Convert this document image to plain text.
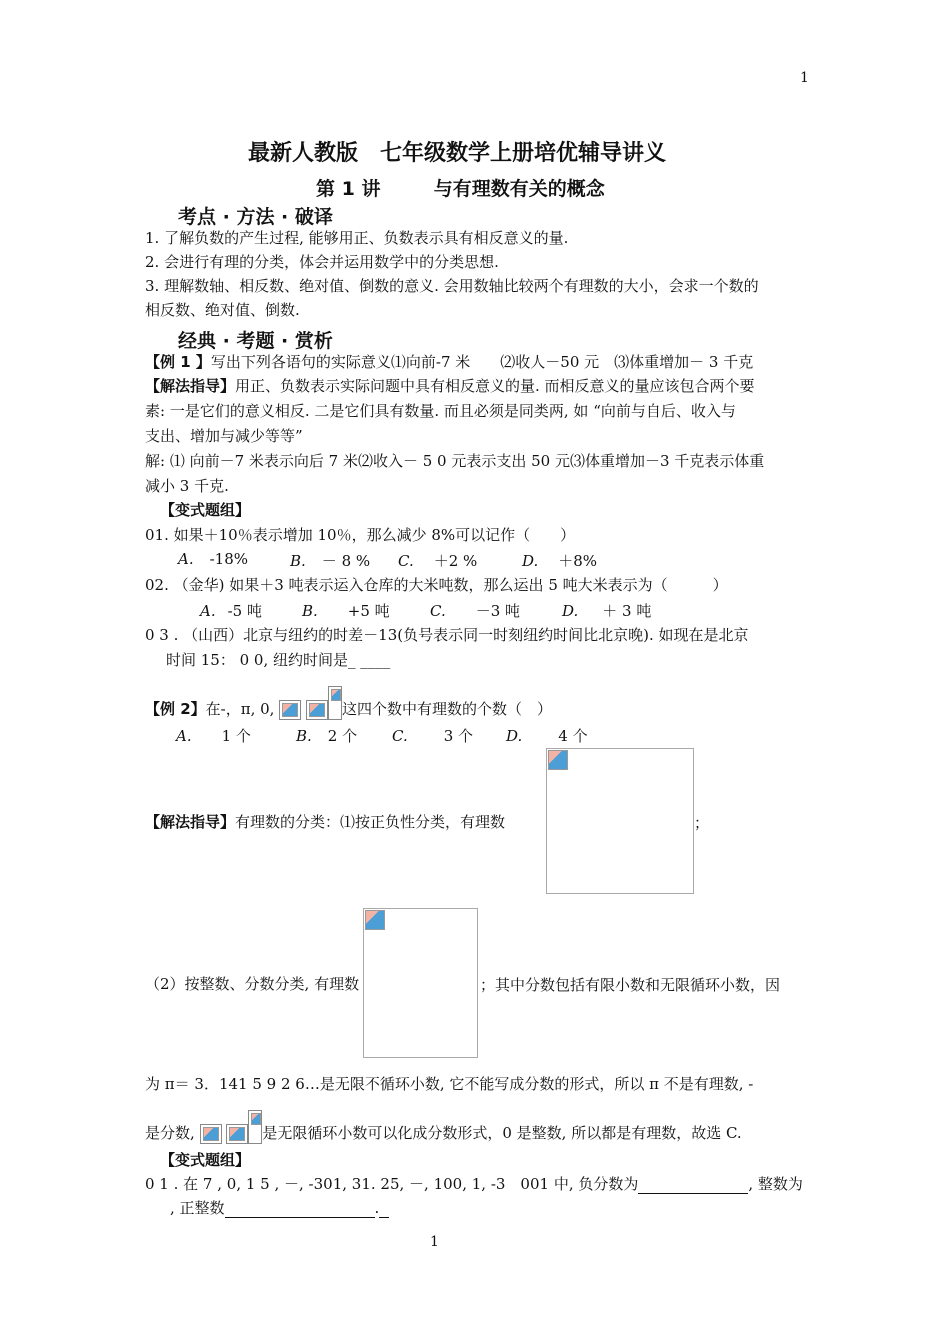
1
最新人教版　七年级数学上册培优辅导讲义
第 1 讲	与有理数有关的概念
考点 · 方法 · 破译
1. 了解负数的产生过程, 能够用正、负数表示具有相反意义的量.
2. 会进行有理的分类，体会并运用数学中的分类思想.
3. 理解数轴、相反数、绝对值、倒数的意义. 会用数轴比较两个有理数的大小，会求一个数的
相反数、绝对值、倒数.
经典 · 考题 · 赏析
【例 1 】写出下列各语句的实际意义⑴向前-7 米　　⑵收人－50 元　⑶体重增加－ 3 千克
【解法指导】用正、负数表示实际问题中具有相反意义的量. 而相反意义的量应该包合两个要
素: 一是它们的意义相反. 二是它们具有数量. 而且必须是同类两, 如 “向前与自后、收入与
支出、增加与减少等等”
解: ⑴ 向前－7 米表示向后 7 米⑵收入－ 5 0 元表示支出 50 元⑶体重增加－3 千克表示体重
减小 3 千克.
【变式题组】
01. 如果＋10％表示增加 10％，那么减少 8%可以记作（　　）
A. -18%	B. － 8 % C. ＋2 %	D. ＋8%
02. （金华) 如果＋3 吨表示运入仓库的大米吨数，那么运出 5 吨大米表示为（　　　）
A. -5 吨	B. +5 吨	C. －3 吨	D. ＋ 3 吨
0 3 . （山西）北京与纽约的时差－13(负号表示同一时刻纽约时间比北京晚). 如现在是北京
时间 15： 0 0, 纽约时间是_ ____
【例 2】在-，π, 0,	这四个数中有理数的个数（　）
A. 1 个	B. 2 个 C. 3 个 D. 4 个
【解法指导】有理数的分类：⑴按正负性分类，有理数	；
（2）按整数、分数分类, 有理数	；其中分数包括有限小数和无限循环小数，因
为 π＝ 3．141 5 9 2 6…是无限不循环小数, 它不能写成分数的形式，所以 π 不是有理数, -
是分数,	是无限循环小数可以化成分数形式，0 是整数, 所以都是有理数，故选 C.
【变式题组】
0 1 . 在 7 , 0, 1 5 , －, -301, 31. 25, －, 100, 1, -3　001 中, 负分数为	, 整数为
, 正整数	.
1
